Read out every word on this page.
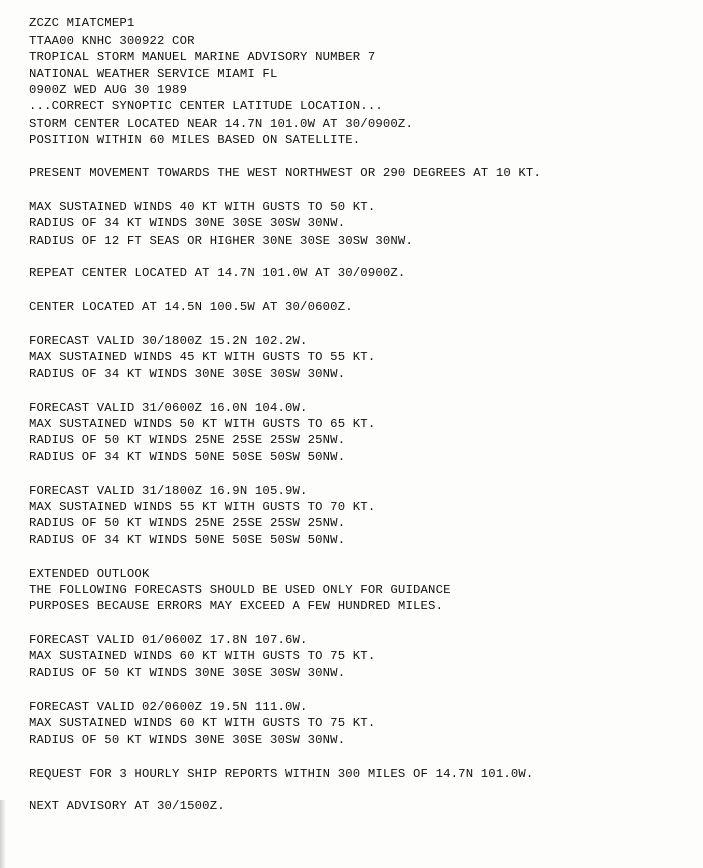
ZCZC MIATCMEP1
TTAA00 KNHC 300922 COR
TROPICAL STORM MANUEL MARINE ADVISORY NUMBER 7
NATIONAL WEATHER SERVICE MIAMI FL
0900Z WED AUG 30 1989
...CORRECT SYNOPTIC CENTER LATITUDE LOCATION...
STORM CENTER LOCATED NEAR 14.7N 101.0W AT 30/0900Z.
POSITION WITHIN 60 MILES BASED ON SATELLITE.
PRESENT MOVEMENT TOWARDS THE WEST NORTHWEST OR 290 DEGREES AT 10 KT.
MAX SUSTAINED WINDS 40 KT WITH GUSTS TO 50 KT.
RADIUS OF 34 KT WINDS 30NE 30SE 30SW 30NW.
RADIUS OF 12 FT SEAS OR HIGHER 30NE 30SE 30SW 30NW.
REPEAT CENTER LOCATED AT 14.7N 101.0W AT 30/0900Z.
CENTER LOCATED AT 14.5N 100.5W AT 30/0600Z.
FORECAST VALID 30/1800Z 15.2N 102.2W.
MAX SUSTAINED WINDS 45 KT WITH GUSTS TO 55 KT.
RADIUS OF 34 KT WINDS 30NE 30SE 30SW 30NW.
FORECAST VALID 31/0600Z 16.0N 104.0W.
MAX SUSTAINED WINDS 50 KT WITH GUSTS TO 65 KT.
RADIUS OF 50 KT WINDS 25NE 25SE 25SW 25NW.
RADIUS OF 34 KT WINDS 50NE 50SE 50SW 50NW.
FORECAST VALID 31/1800Z 16.9N 105.9W.
MAX SUSTAINED WINDS 55 KT WITH GUSTS TO 70 KT.
RADIUS OF 50 KT WINDS 25NE 25SE 25SW 25NW.
RADIUS OF 34 KT WINDS 50NE 50SE 50SW 50NW.
EXTENDED OUTLOOK
THE FOLLOWING FORECASTS SHOULD BE USED ONLY FOR GUIDANCE
PURPOSES BECAUSE ERRORS MAY EXCEED A FEW HUNDRED MILES.
FORECAST VALID 01/0600Z 17.8N 107.6W.
MAX SUSTAINED WINDS 60 KT WITH GUSTS TO 75 KT.
RADIUS OF 50 KT WINDS 30NE 30SE 30SW 30NW.
FORECAST VALID 02/0600Z 19.5N 111.0W.
MAX SUSTAINED WINDS 60 KT WITH GUSTS TO 75 KT.
RADIUS OF 50 KT WINDS 30NE 30SE 30SW 30NW.
REQUEST FOR 3 HOURLY SHIP REPORTS WITHIN 300 MILES OF 14.7N 101.0W.
NEXT ADVISORY AT 30/1500Z.
